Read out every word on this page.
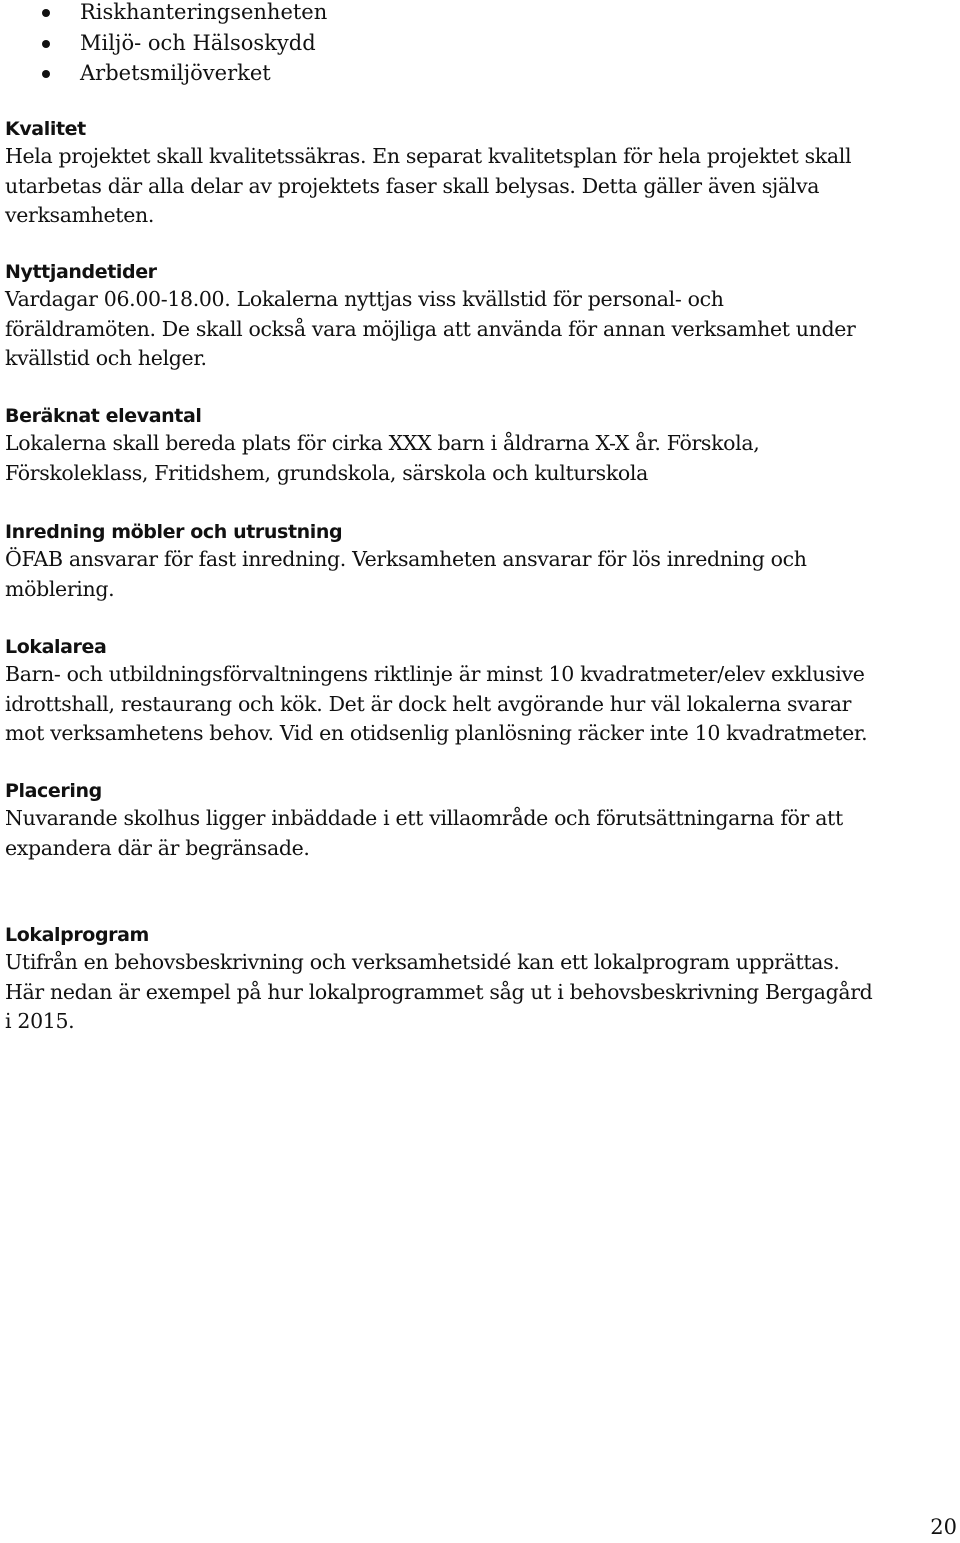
Riskhanteringsenheten
Miljö- och Hälsoskydd
Arbetsmiljöverket
Kvalitet

Hela projektet skall kvalitetssäkras. En separat kvalitetsplan för hela projektet skall
utarbetas där alla delar av projektets faser skall belysas. Detta gäller även själva
verksamheten.

Nyttjandetider

Vardagar 06.00-18.00. Lokalerna nyttjas viss kvällstid för personal- och
föräldramöten. De skall också vara möjliga att använda för annan verksamhet under
kvällstid och helger.

Beräknat elevantal

Lokalerna skall bereda plats för cirka XXX barn i åldrarna X-X år. Förskola,
Förskoleklass, Fritidshem, grundskola, särskola och kulturskola

Inredning möbler och utrustning

ÖFAB ansvarar för fast inredning. Verksamheten ansvarar för lös inredning och
möblering.

Lokalarea

Barn- och utbildningsförvaltningens riktlinje är minst 10 kvadratmeter/elev exklusive
idrottshall, restaurang och kök. Det är dock helt avgörande hur väl lokalerna svarar
mot verksamhetens behov. Vid en otidsenlig planlösning räcker inte 10 kvadratmeter.

Placering

Nuvarande skolhus ligger inbäddade i ett villaområde och förutsättningarna för att
expandera där är begränsade.

Lokalprogram

Utifrån en behovsbeskrivning och verksamhetsidé kan ett lokalprogram upprättas.
Här nedan är exempel på hur lokalprogrammet såg ut i behovsbeskrivning Bergagård
i 2015.

20
